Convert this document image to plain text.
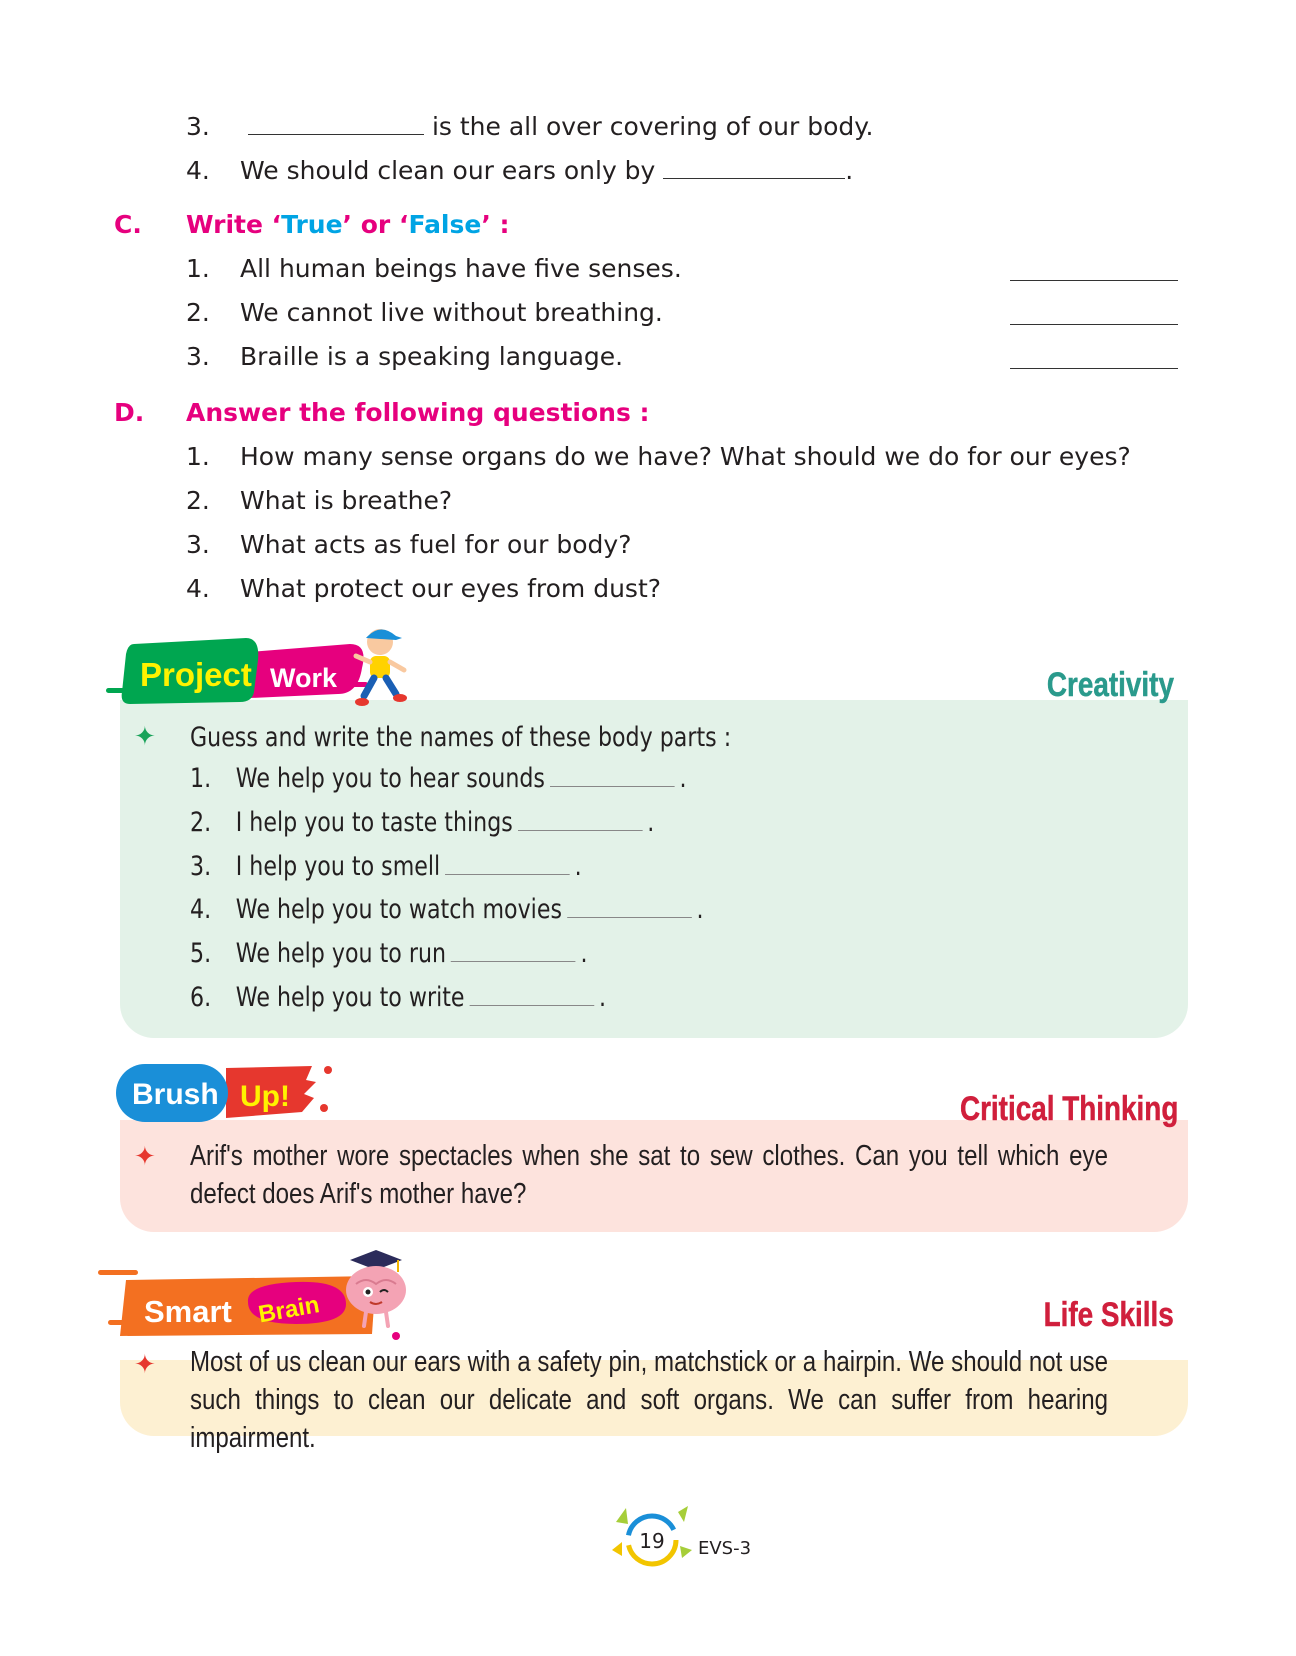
3.	is the all over covering of our body.
4. We should clean our ears only by	.
C. Write ‘True’ or ‘False’ :
1. All human beings have five senses.
2. We cannot live without breathing.
3. Braille is a speaking language.
D. Answer the following questions :
1. How many sense organs do we have? What should we do for our eyes?
2. What is breathe?
3. What acts as fuel for our body?
4. What protect our eyes from dust?
Project Work	Creativity
✦ Guess and write the names of these body parts :
1. We help you to hear sounds	.
2. I help you to taste things	.
3. I help you to smell	.
4. We help you to watch movies	.
5. We help you to run	.
6. We help you to write	.
Brush Up!	Critical Thinking
✦ Arif's mother wore spectacles when she sat to sew clothes. Can you tell which eye defect does Arif's mother have?
Smart Brain	Life Skills
✦ Most of us clean our ears with a safety pin, matchstick or a hairpin. We should not use such things to clean our delicate and soft organs. We can suffer from hearing impairment.
19 EVS-3
